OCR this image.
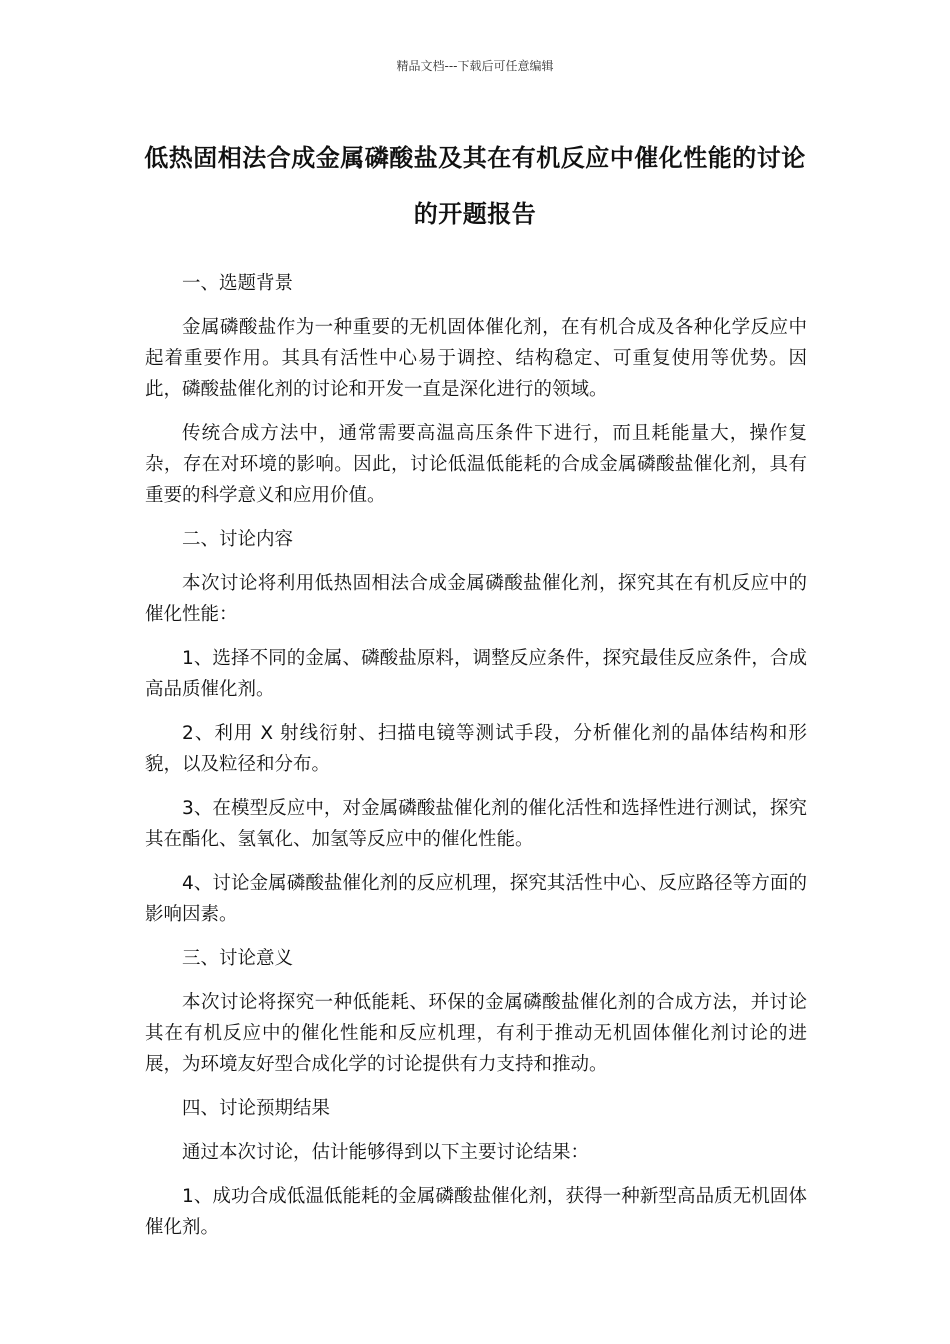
精品文档---下载后可任意编辑
低热固相法合成金属磷酸盐及其在有机反应中催化性能的讨论的开题报告

一、选题背景

金属磷酸盐作为一种重要的无机固体催化剂，在有机合成及各种化学反应中起着重要作用。其具有活性中心易于调控、结构稳定、可重复使用等优势。因此，磷酸盐催化剂的讨论和开发一直是深化进行的领域。

传统合成方法中，通常需要高温高压条件下进行，而且耗能量大，操作复杂，存在对环境的影响。因此，讨论低温低能耗的合成金属磷酸盐催化剂，具有重要的科学意义和应用价值。

二、讨论内容

本次讨论将利用低热固相法合成金属磷酸盐催化剂，探究其在有机反应中的催化性能：

1、选择不同的金属、磷酸盐原料，调整反应条件，探究最佳反应条件，合成高品质催化剂。

2、利用 X 射线衍射、扫描电镜等测试手段，分析催化剂的晶体结构和形貌，以及粒径和分布。

3、在模型反应中，对金属磷酸盐催化剂的催化活性和选择性进行测试，探究其在酯化、氢氧化、加氢等反应中的催化性能。

4、讨论金属磷酸盐催化剂的反应机理，探究其活性中心、反应路径等方面的影响因素。

三、讨论意义

本次讨论将探究一种低能耗、环保的金属磷酸盐催化剂的合成方法，并讨论其在有机反应中的催化性能和反应机理，有利于推动无机固体催化剂讨论的进展，为环境友好型合成化学的讨论提供有力支持和推动。

四、讨论预期结果

通过本次讨论，估计能够得到以下主要讨论结果：

1、成功合成低温低能耗的金属磷酸盐催化剂，获得一种新型高品质无机固体催化剂。
